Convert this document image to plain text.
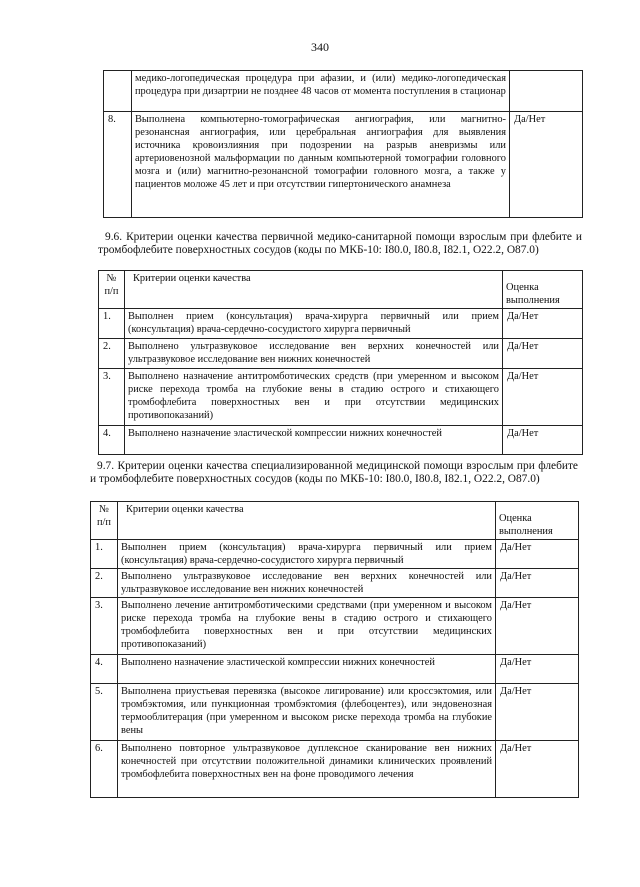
340
	медико-логопедическая процедура при афазии, и (или) медико-логопедическая процедура при дизартрии не позднее 48 часов от момента поступления в стационар	
8.	Выполнена компьютерно-томографическая ангиография, или магнитно-резонансная ангиография, или церебральная ангиография для выявления источника кровоизлияния при подозрении на разрыв аневризмы или артериовенозной мальформации по данным компьютерной томографии головного мозга и (или) магнитно-резонансной томографии головного мозга, а также у пациентов моложе 45 лет и при отсутствии гипертонического анамнеза	Да/Нет
9.6. Критерии оценки качества первичной медико-санитарной помощи взрослым при флебите и тромбофлебите поверхностных сосудов (коды по МКБ-10: I80.0, I80.8, I82.1, O22.2, O87.0)
№ п/п	Критерии оценки качества	Оценка выполнения
1.	Выполнен прием (консультация) врача-хирурга первичный или прием (консультация) врача-сердечно-сосудистого хирурга первичный	Да/Нет
2.	Выполнено ультразвуковое исследование вен верхних конечностей или ультразвуковое исследование вен нижних конечностей	Да/Нет
3.	Выполнено назначение антитромботических средств (при умеренном и высоком риске перехода тромба на глубокие вены в стадию острого и стихающего тромбофлебита поверхностных вен и при отсутствии медицинских противопоказаний)	Да/Нет
4.	Выполнено назначение эластической компрессии нижних конечностей	Да/Нет
9.7. Критерии оценки качества специализированной медицинской помощи взрослым при флебите и тромбофлебите поверхностных сосудов (коды по МКБ-10: I80.0, I80.8, I82.1, O22.2, O87.0)
№ п/п	Критерии оценки качества	Оценка выполнения
1.	Выполнен прием (консультация) врача-хирурга первичный или прием (консультация) врача-сердечно-сосудистого хирурга первичный	Да/Нет
2.	Выполнено ультразвуковое исследование вен верхних конечностей или ультразвуковое исследование вен нижних конечностей	Да/Нет
3.	Выполнено лечение антитромботическими средствами (при умеренном и высоком риске перехода тромба на глубокие вены в стадию острого и стихающего тромбофлебита поверхностных вен и при отсутствии медицинских противопоказаний)	Да/Нет
4.	Выполнено назначение эластической компрессии нижних конечностей	Да/Нет
5.	Выполнена приустьевая перевязка (высокое лигирование) или кроссэктомия, или тромбэктомия, или пункционная тромбэктомия (флебоцентез), или эндовенозная термооблитерация (при умеренном и высоком риске перехода тромба на глубокие вены	Да/Нет
6.	Выполнено повторное ультразвуковое дуплексное сканирование вен нижних конечностей при отсутствии положительной динамики клинических проявлений тромбофлебита поверхностных вен на фоне проводимого лечения	Да/Нет
